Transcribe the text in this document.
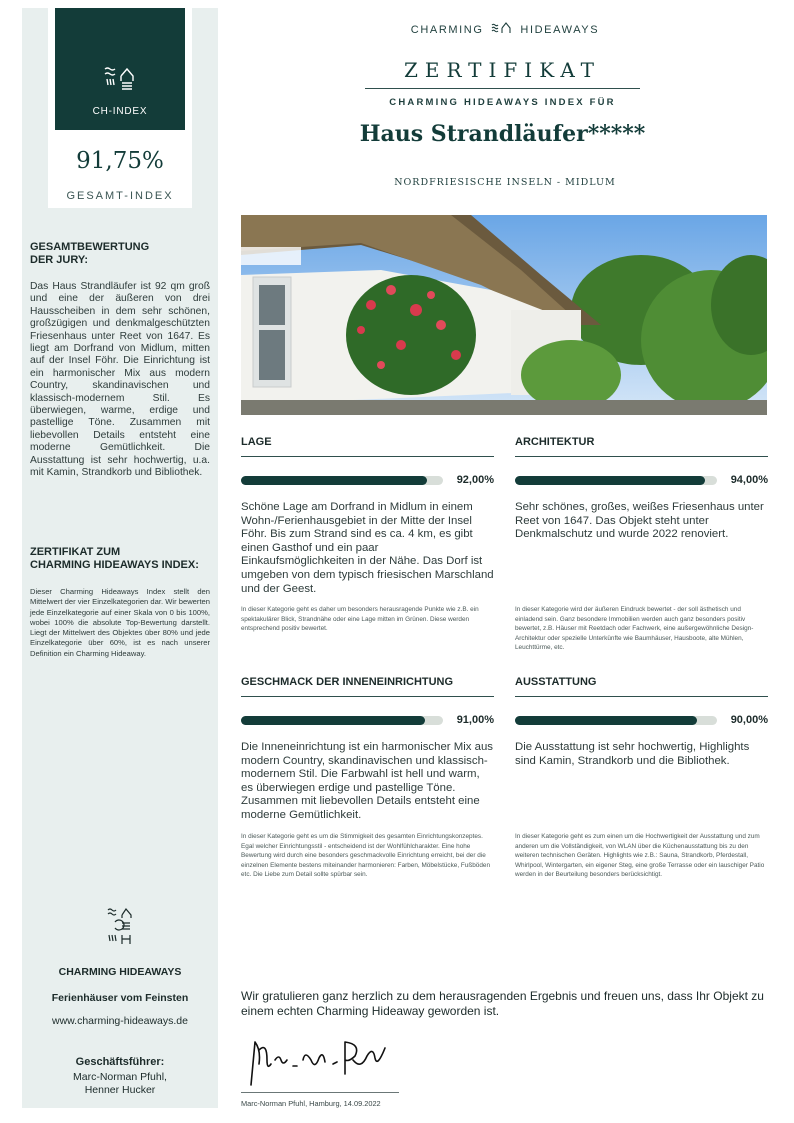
CH-INDEX
91,75%
GESAMT-INDEX
GESAMTBEWERTUNG
DER JURY:
Das Haus Strandläufer ist 92 qm groß und eine der äußeren von drei Hausscheiben in dem sehr schönen, großzügigen und denkmalgeschützten Friesenhaus unter Reet von 1647. Es liegt am Dorfrand von Midlum, mitten auf der Insel Föhr. Die Einrichtung ist ein harmonischer Mix aus modern Country, skandinavischen und klassisch-modernem Stil. Es überwiegen, warme, erdige und pastellige Töne. Zusammen mit liebevollen Details entsteht eine moderne Gemütlichkeit. Die Ausstattung ist sehr hochwertig, u.a. mit Kamin, Strandkorb und Bibliothek.
ZERTIFIKAT ZUM
CHARMING HIDEAWAYS INDEX:
Dieser Charming Hideaways Index stellt den Mittelwert der vier Einzelkategorien dar. Wir bewerten jede Einzelkategorie auf einer Skala von 0 bis 100%, wobei 100% die absolute Top-Bewertung darstellt. Liegt der Mittelwert des Objektes über 80% und jede Einzelkategorie über 60%, ist es nach unserer Definition ein Charming Hideaway.
CHARMING HIDEAWAYS
Ferienhäuser vom Feinsten
www.charming-hideaways.de
Geschäftsführer:
Marc-Norman Pfuhl,
Henner Hucker
CHARMING	HIDEAWAYS
ZERTIFIKAT
CHARMING HIDEAWAYS INDEX FÜR
Haus Strandläufer*****
NORDFRIESISCHE INSELN - MIDLUM
LAGE
92,00%
Schöne Lage am Dorfrand in Midlum in einem Wohn-/Ferienhausgebiet in der Mitte der Insel Föhr. Bis zum Strand sind es ca. 4 km, es gibt einen Gasthof und ein paar Einkaufsmöglichkeiten in der Nähe. Das Dorf ist umgeben von dem typisch friesischen Marschland und der Geest.
In dieser Kategorie geht es daher um besonders herausragende Punkte wie z.B. ein spektakulärer Blick, Strandnähe oder eine Lage mitten im Grünen. Diese werden entsprechend positiv bewertet.
ARCHITEKTUR
94,00%
Sehr schönes, großes, weißes Friesenhaus unter Reet von 1647. Das Objekt steht unter Denkmalschutz und wurde 2022 renoviert.
In dieser Kategorie wird der äußeren Eindruck bewertet - der soll ästhetisch und einladend sein. Ganz besondere Immobilien werden auch ganz besonders positiv bewertet, z.B. Häuser mit Reetdach oder Fachwerk, eine außergewöhnliche Design-Architektur oder spezielle Unterkünfte wie Baumhäuser, Hausboote, alte Mühlen, Leuchttürme, etc.
GESCHMACK DER INNENEINRICHTUNG
91,00%
Die Inneneinrichtung ist ein harmonischer Mix aus modern Country, skandinavischen und klassisch-modernem Stil. Die Farbwahl ist hell und warm, es überwiegen erdige und pastellige Töne. Zusammen mit liebevollen Details entsteht eine moderne Gemütlichkeit.
In dieser Kategorie geht es um die Stimmigkeit des gesamten Einrichtungskonzeptes. Egal welcher Einrichtungsstil - entscheidend ist der Wohlfühlcharakter. Eine hohe Bewertung wird durch eine besonders geschmackvolle Einrichtung erreicht, bei der die einzelnen Elemente bestens miteinander harmonieren: Farben, Möbelstücke, Fußböden etc. Die Liebe zum Detail sollte spürbar sein.
AUSSTATTUNG
90,00%
Die Ausstattung ist sehr hochwertig, Highlights sind Kamin, Strandkorb und die Bibliothek.
In dieser Kategorie geht es zum einen um die Hochwertigkeit der Ausstattung und zum anderen um die Vollständigkeit, von WLAN über die Küchenausstattung bis zu den weiteren technischen Geräten. Highlights wie z.B.: Sauna, Strandkorb, Pferdestall, Whirlpool, Wintergarten, ein eigener Steg, eine große Terrasse oder ein lauschiger Patio werden in der Beurteilung besonders berücksichtigt.
Wir gratulieren ganz herzlich zu dem herausragenden Ergebnis und freuen uns, dass Ihr Objekt zu einem echten Charming Hideaway geworden ist.
Marc-Norman Pfuhl, Hamburg, 14.09.2022
